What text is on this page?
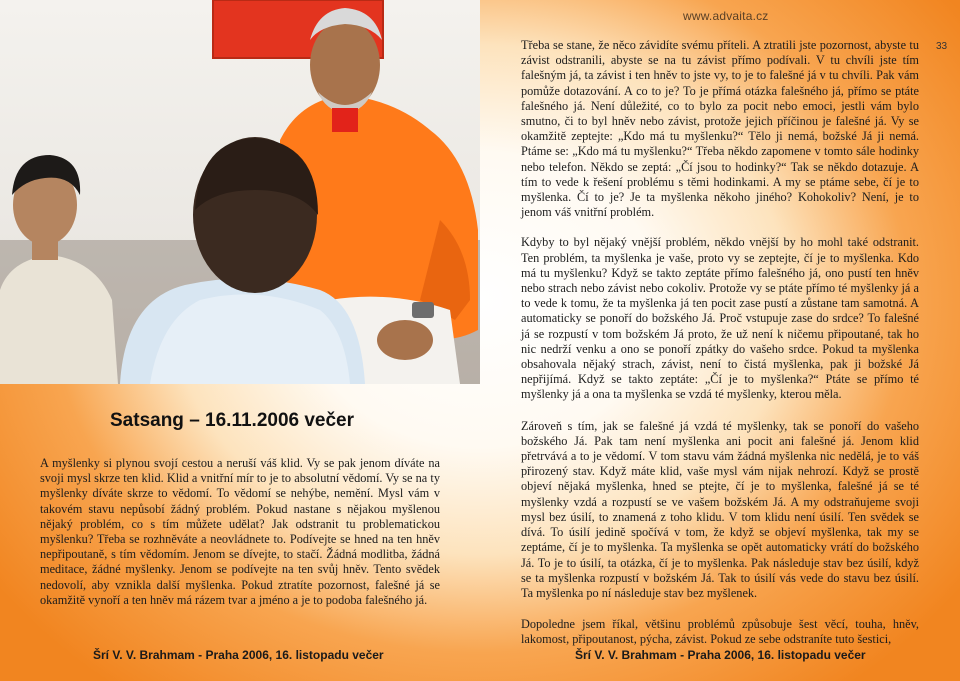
www.advaita.cz
33
Satsang – 16.11.2006 večer

A myšlenky si plynou svojí cestou a neruší váš klid. Vy se pak jenom díváte na svoji mysl skrze ten klid. Klid a vnitřní mír to je to absolutní vědomí. Vy se na ty myšlenky díváte skrze to vědomí. To vědomí se nehýbe, nemění. Mysl vám v takovém stavu nepůsobí žádný problém. Pokud nastane s nějakou myšlenou nějaký problém, co s tím můžete udělat? Jak odstranit tu problematickou myšlenku? Třeba se rozhněváte a neovládnete to. Podívejte se hned na ten hněv nepřipoutaně, s tím vědomím. Jenom se dívejte, to stačí. Žádná modlitba, žádná meditace, žádné myšlenky. Jenom se podívejte na ten svůj hněv. Tento svědek nedovolí, aby vznikla další myšlenka. Pokud ztratíte pozornost, falešné já se okamžitě vynoří a ten hněv má rázem tvar a jméno a je to podoba falešného já.

Třeba se stane, že něco závidíte svému příteli. A ztratili jste pozornost, abyste tu závist odstranili, abyste se na tu závist přímo podívali. V tu chvíli jste tím falešným já, ta závist i ten hněv to jste vy, to je to falešné já v tu chvíli. Pak vám pomůže dotazování. A co to je? To je přímá otázka falešného já, přímo se ptáte falešného já. Není důležité, co to bylo za pocit nebo emoci, jestli vám bylo smutno, či to byl hněv nebo závist, protože jejich příčinou je falešné já. Vy se okamžitě zeptejte: „Kdo má tu myšlenku?“ Tělo ji nemá, božské Já ji nemá. Ptáme se: „Kdo má tu myšlenku?“ Třeba někdo zapomene v tomto sále hodinky nebo telefon. Někdo se zeptá: „Čí jsou to hodinky?“ Tak se někdo dotazuje. A tím to vede k řešení problému s těmi hodinkami. A my se ptáme sebe, čí je to myšlenka. Čí to je? Je ta myšlenka někoho jiného? Kohokoliv? Není, je to jenom váš vnitřní problém.

Kdyby to byl nějaký vnější problém, někdo vnější by ho mohl také odstranit. Ten problém, ta myšlenka je vaše, proto vy se zeptejte, čí je to myšlenka. Kdo má tu myšlenku? Když se takto zeptáte přímo falešného já, ono pustí ten hněv nebo strach nebo závist nebo cokoliv. Protože vy se ptáte přímo té myšlenky já a to vede k tomu, že ta myšlenka já ten pocit zase pustí a zůstane tam samotná. A automaticky se ponoří do božského Já. Proč vstupuje zase do srdce? To falešné já se rozpustí v tom božském Já proto, že už není k ničemu připoutané, tak ho nic nedrží venku a ono se ponoří zpátky do vašeho srdce. Pokud ta myšlenka obsahovala nějaký strach, závist, není to čistá myšlenka, pak ji božské Já nepřijímá. Když se takto zeptáte: „Čí je to myšlenka?“ Ptáte se přímo té myšlenky já a ona ta myšlenka se vzdá té myšlenky, kterou měla.

Zároveň s tím, jak se falešné já vzdá té myšlenky, tak se ponoří do vašeho božského Já. Pak tam není myšlenka ani pocit ani falešné já. Jenom klid přetrvává a to je vědomí. V tom stavu vám žádná myšlenka nic nedělá, je to váš přirozený stav. Když máte klid, vaše mysl vám nijak nehrozí. Když se prostě objeví nějaká myšlenka, hned se ptejte, čí je to myšlenka, falešné já se té myšlenky vzdá a rozpustí se ve vašem božském Já. A my odstraňujeme svoji mysl bez úsilí, to znamená z toho klidu. V tom klidu není úsilí. Ten svědek se dívá. To úsilí jedině spočívá v tom, že když se objeví myšlenka, tak my se zeptáme, čí je to myšlenka. Ta myšlenka se opět automaticky vrátí do božského Já. To je to úsilí, ta otázka, čí je to myšlenka. Pak následuje stav bez úsilí, když se ta myšlenka rozpustí v božském Já. Tak to úsilí vás vede do stavu bez úsilí. Ta myšlenka po ní následuje stav bez myšlenek.

Dopoledne jsem říkal, většinu problémů způsobuje šest věcí, touha, hněv, lakomost, připoutanost, pýcha, závist. Pokud ze sebe odstraníte tuto šestici,

Šrí V. V. Brahmam - Praha 2006, 16. listopadu večer	Šrí V. V. Brahmam - Praha 2006, 16. listopadu večer
